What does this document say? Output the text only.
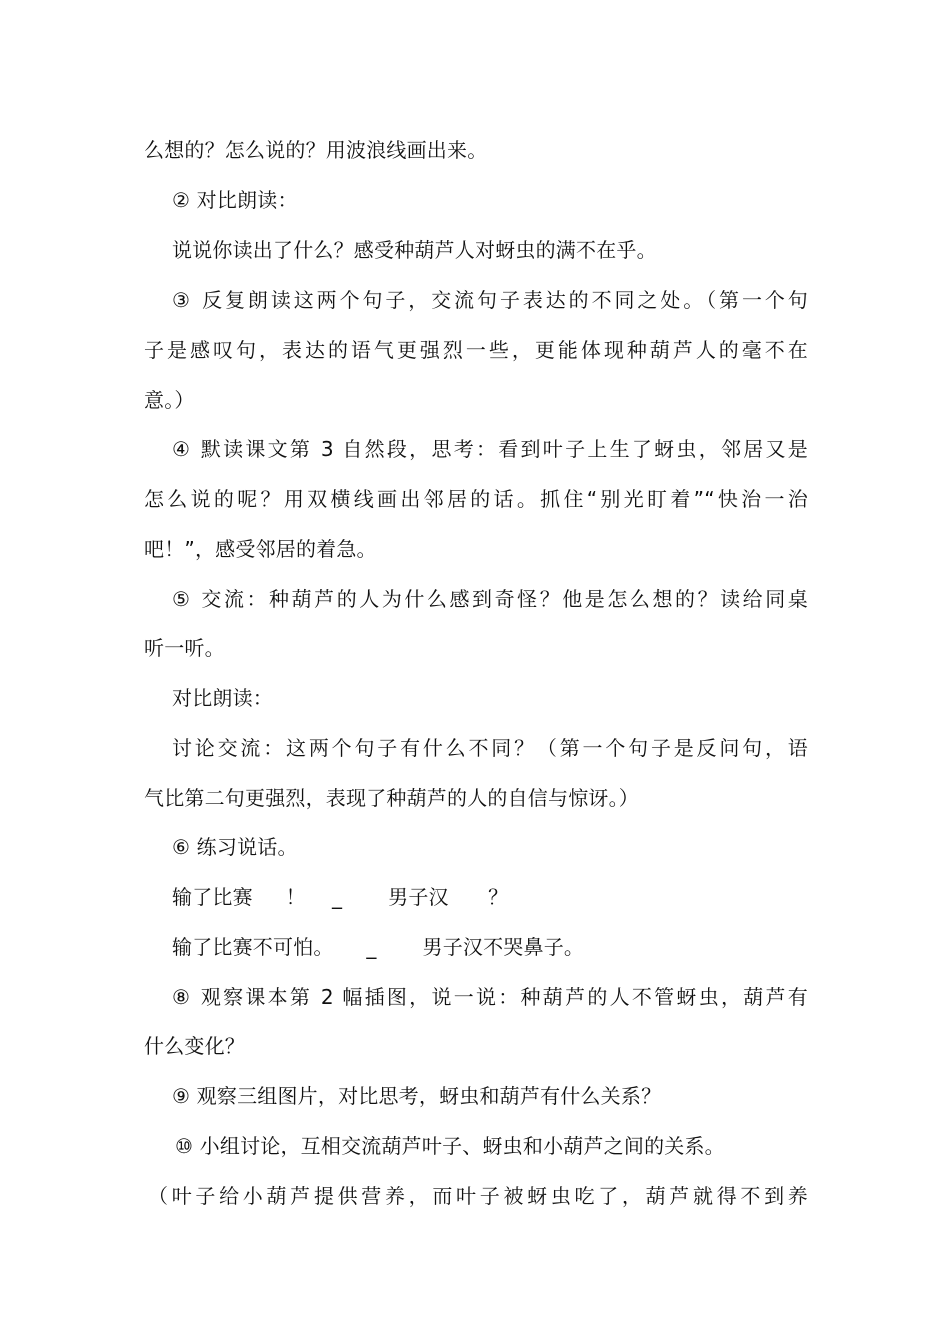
么想的？怎么说的？用波浪线画出来。
② 对比朗读：
说说你读出了什么？感受种葫芦人对蚜虫的满不在乎。
③ 反复朗读这两个句子，交流句子表达的不同之处。（第一个句
子是感叹句，表达的语气更强烈一些，更能体现种葫芦人的毫不在
意。）
④ 默读课文第 3 自然段，思考：看到叶子上生了蚜虫，邻居又是
怎么说的呢？用双横线画出邻居的话。抓住“别光盯着”“快治一治
吧！”，感受邻居的着急。
⑤ 交流：种葫芦的人为什么感到奇怪？他是怎么想的？读给同桌
听一听。
对比朗读：
讨论交流：这两个句子有什么不同？（第一个句子是反问句，语
气比第二句更强烈，表现了种葫芦的人的自信与惊讶。）
⑥ 练习说话。
输了比赛     ！    _       男子汉      ？
输了比赛不可怕。     _       男子汉不哭鼻子。
⑧ 观察课本第 2 幅插图，说一说：种葫芦的人不管蚜虫，葫芦有
什么变化？
⑨ 观察三组图片，对比思考，蚜虫和葫芦有什么关系？
⑩ 小组讨论，互相交流葫芦叶子、蚜虫和小葫芦之间的关系。
（叶子给小葫芦提供营养，而叶子被蚜虫吃了，葫芦就得不到养
